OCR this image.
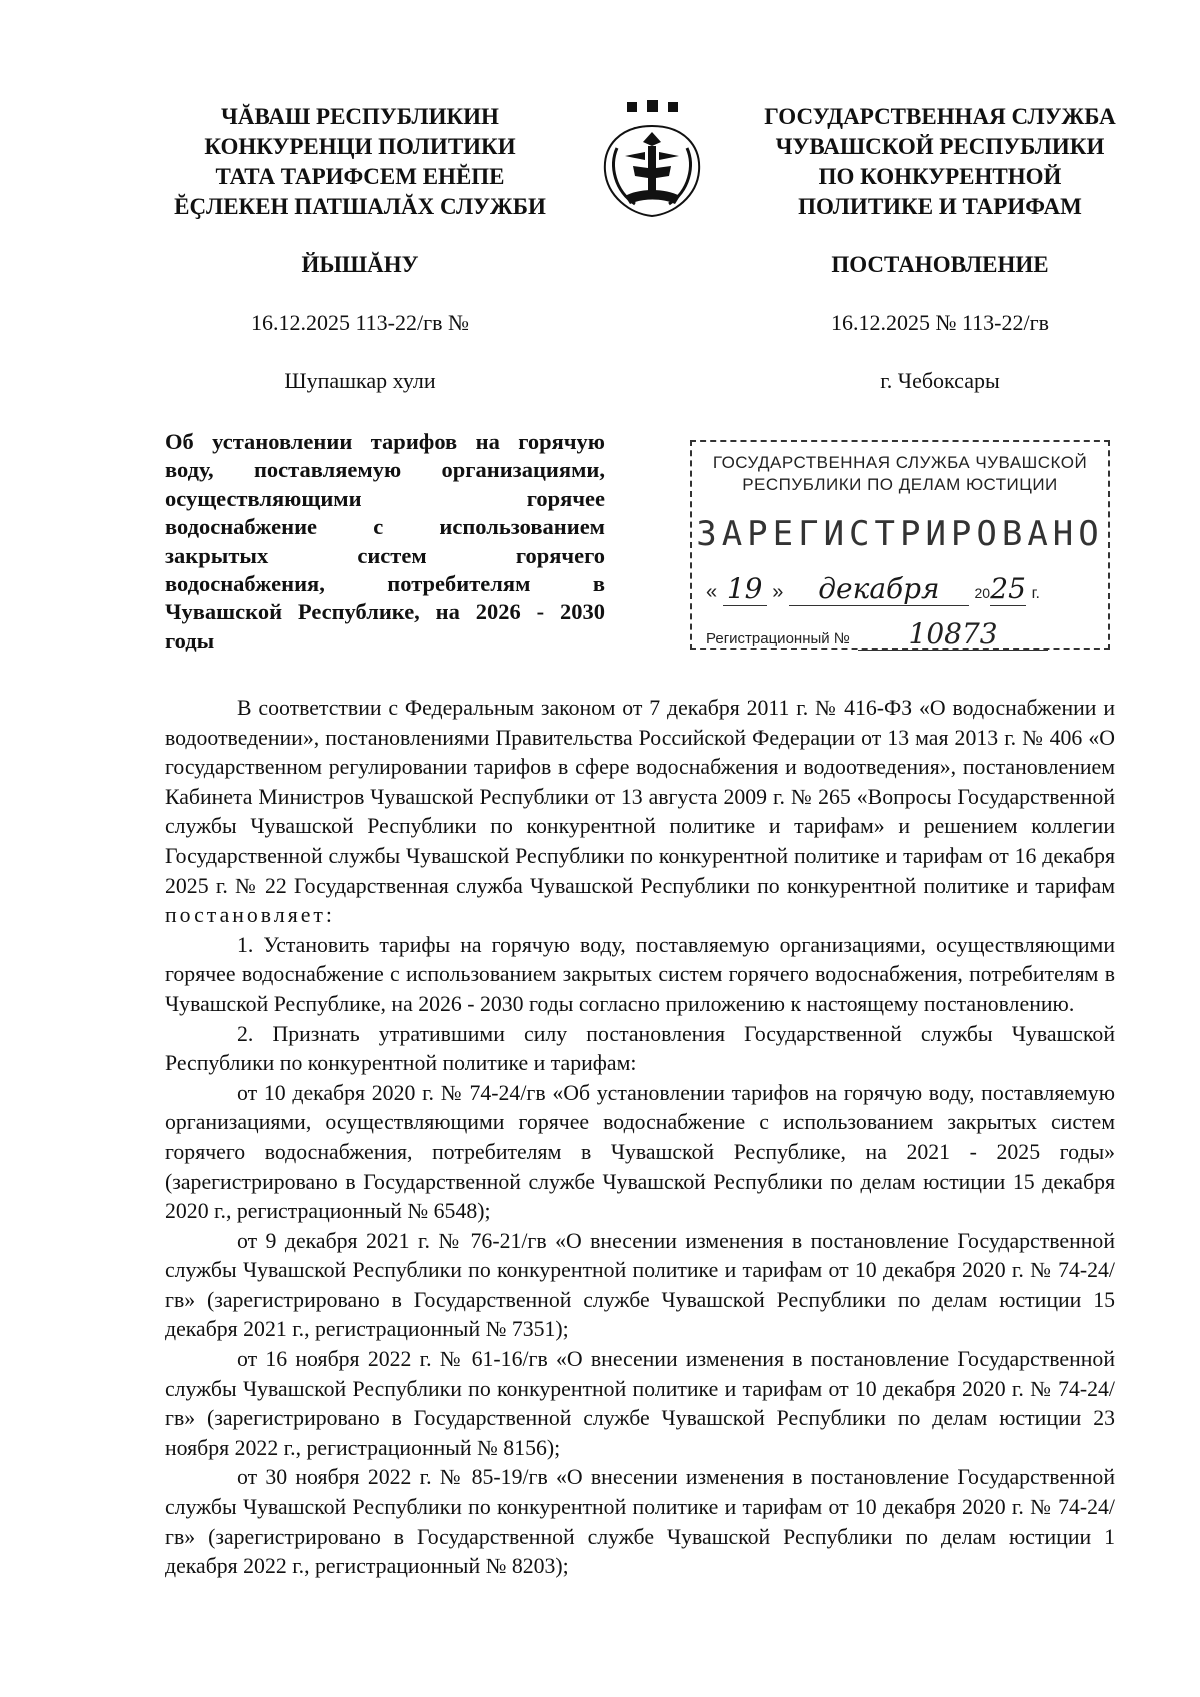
ЧĂВАШ РЕСПУБЛИКИН
КОНКУРЕНЦИ ПОЛИТИКИ
ТАТА ТАРИФСЕМ ЕНĔПЕ
ĔҪЛЕКЕН ПАТШАЛĂХ СЛУЖБИ
ГОСУДАРСТВЕННАЯ СЛУЖБА
ЧУВАШСКОЙ РЕСПУБЛИКИ
ПО КОНКУРЕНТНОЙ
ПОЛИТИКЕ И ТАРИФАМ
ЙЫШĂНУ	ПОСТАНОВЛЕНИЕ
16.12.2025 113-22/гв №	16.12.2025 № 113-22/гв
Шупашкар хули	г. Чебоксары
Об установлении тарифов на горячую
воду, поставляемую организациями,
осуществляющими горячее
водоснабжение с использованием
закрытых систем горячего
водоснабжения, потребителям в
Чувашской Республике, на 2026 - 2030
годы
ГОСУДАРСТВЕННАЯ СЛУЖБА ЧУВАШСКОЙ
РЕСПУБЛИКИ ПО ДЕЛАМ ЮСТИЦИИ
ЗАРЕГИСТРИРОВАНО
« 19 » декабря 2025 г.
Регистрационный № 10873

В соответствии с Федеральным законом от 7 декабря 2011 г. № 416-ФЗ «О водоснабжении и водоотведении», постановлениями Правительства Российской Федерации от 13 мая 2013 г. № 406 «О государственном регулировании тарифов в сфере водоснабжения и водоотведения», постановлением Кабинета Министров Чувашской Республики от 13 августа 2009 г. № 265 «Вопросы Государственной службы Чувашской Республики по конкурентной политике и тарифам» и решением коллегии Государственной службы Чувашской Республики по конкурентной политике и тарифам от 16 декабря 2025 г. № 22 Государственная служба Чувашской Республики по конкурентной политике и тарифам постановляет:

1. Установить тарифы на горячую воду, поставляемую организациями, осуществляющими горячее водоснабжение с использованием закрытых систем горячего водоснабжения, потребителям в Чувашской Республике, на 2026 - 2030 годы согласно приложению к настоящему постановлению.

2. Признать утратившими силу постановления Государственной службы Чувашской Республики по конкурентной политике и тарифам:

от 10 декабря 2020 г. № 74-24/гв «Об установлении тарифов на горячую воду, поставляемую организациями, осуществляющими горячее водоснабжение с использованием закрытых систем горячего водоснабжения, потребителям в Чувашской Республике, на 2021 - 2025 годы» (зарегистрировано в Государственной службе Чувашской Республики по делам юстиции 15 декабря 2020 г., регистрационный № 6548);

от 9 декабря 2021 г. № 76-21/гв «О внесении изменения в постановление Государственной службы Чувашской Республики по конкурентной политике и тарифам от 10 декабря 2020 г. № 74-24/гв» (зарегистрировано в Государственной службе Чувашской Республики по делам юстиции 15 декабря 2021 г., регистрационный № 7351);

от 16 ноября 2022 г. № 61-16/гв «О внесении изменения в постановление Государственной службы Чувашской Республики по конкурентной политике и тарифам от 10 декабря 2020 г. № 74-24/гв» (зарегистрировано в Государственной службе Чувашской Республики по делам юстиции 23 ноября 2022 г., регистрационный № 8156);

от 30 ноября 2022 г. № 85-19/гв «О внесении изменения в постановление Государственной службы Чувашской Республики по конкурентной политике и тарифам от 10 декабря 2020 г. № 74-24/гв» (зарегистрировано в Государственной службе Чувашской Республики по делам юстиции 1 декабря 2022 г., регистрационный № 8203);
